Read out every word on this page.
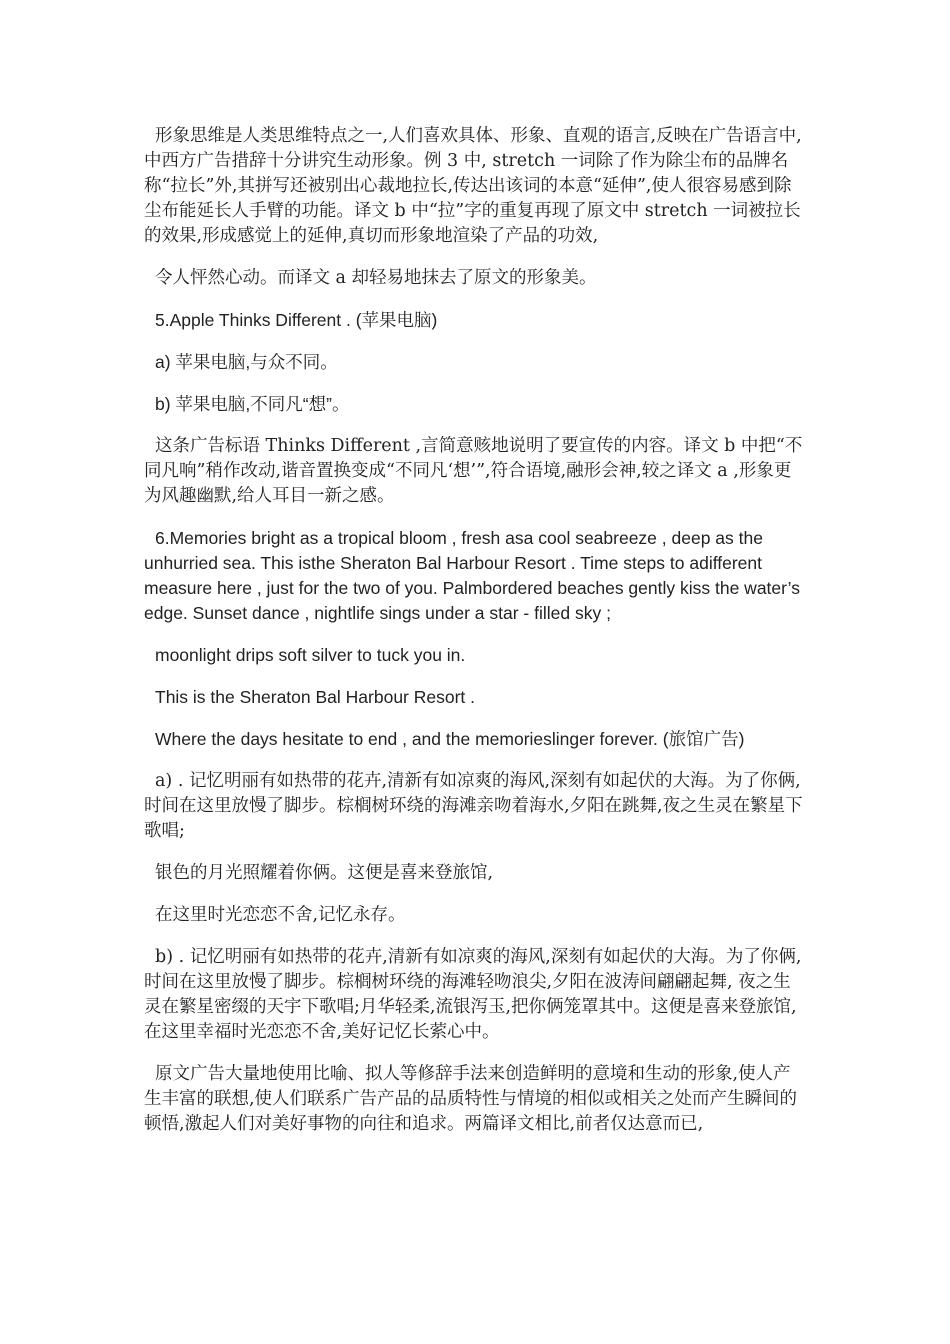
形象思维是人类思维特点之一,人们喜欢具体、形象、直观的语言,反映在广告语言中,中西方广告措辞十分讲究生动形象。例 3 中, stretch 一词除了作为除尘布的品牌名称“拉长”外,其拼写还被别出心裁地拉长,传达出该词的本意“延伸”,使人很容易感到除尘布能延长人手臂的功能。译文 b 中“拉”字的重复再现了原文中 stretch 一词被拉长的效果,形成感觉上的延伸,真切而形象地渲染了产品的功效,

令人怦然心动。而译文 a 却轻易地抹去了原文的形象美。

5.Apple Thinks Different . (苹果电脑)

a) 苹果电脑,与众不同。

b) 苹果电脑,不同凡“想”。

这条广告标语 Thinks Different ,言简意赅地说明了要宣传的内容。译文 b 中把“不同凡响”稍作改动,谐音置换变成“不同凡‘想’”,符合语境,融形会神,较之译文 a ,形象更为风趣幽默,给人耳目一新之感。

6.Memories bright as a tropical bloom , fresh asa cool seabreeze , deep as the unhurried sea. This isthe Sheraton Bal Harbour Resort . Time steps to adifferent measure here , just for the two of you. Palmbordered beaches gently kiss the water’s edge. Sunset dance , nightlife sings under a star - filled sky ;

moonlight drips soft silver to tuck you in.

This is the Sheraton Bal Harbour Resort .

Where the days hesitate to end , and the memorieslinger forever. (旅馆广告)

a) . 记忆明丽有如热带的花卉,清新有如凉爽的海风,深刻有如起伏的大海。为了你俩,时间在这里放慢了脚步。棕榈树环绕的海滩亲吻着海水,夕阳在跳舞,夜之生灵在繁星下歌唱;

银色的月光照耀着你俩。这便是喜来登旅馆,

在这里时光恋恋不舍,记忆永存。

b) . 记忆明丽有如热带的花卉,清新有如凉爽的海风,深刻有如起伏的大海。为了你俩,时间在这里放慢了脚步。棕榈树环绕的海滩轻吻浪尖,夕阳在波涛间翩翩起舞, 夜之生灵在繁星密缀的天宇下歌唱;月华轻柔,流银泻玉,把你俩笼罩其中。这便是喜来登旅馆,在这里幸福时光恋恋不舍,美好记忆长萦心中。

原文广告大量地使用比喻、拟人等修辞手法来创造鲜明的意境和生动的形象,使人产生丰富的联想,使人们联系广告产品的品质特性与情境的相似或相关之处而产生瞬间的顿悟,激起人们对美好事物的向往和追求。两篇译文相比,前者仅达意而已,
